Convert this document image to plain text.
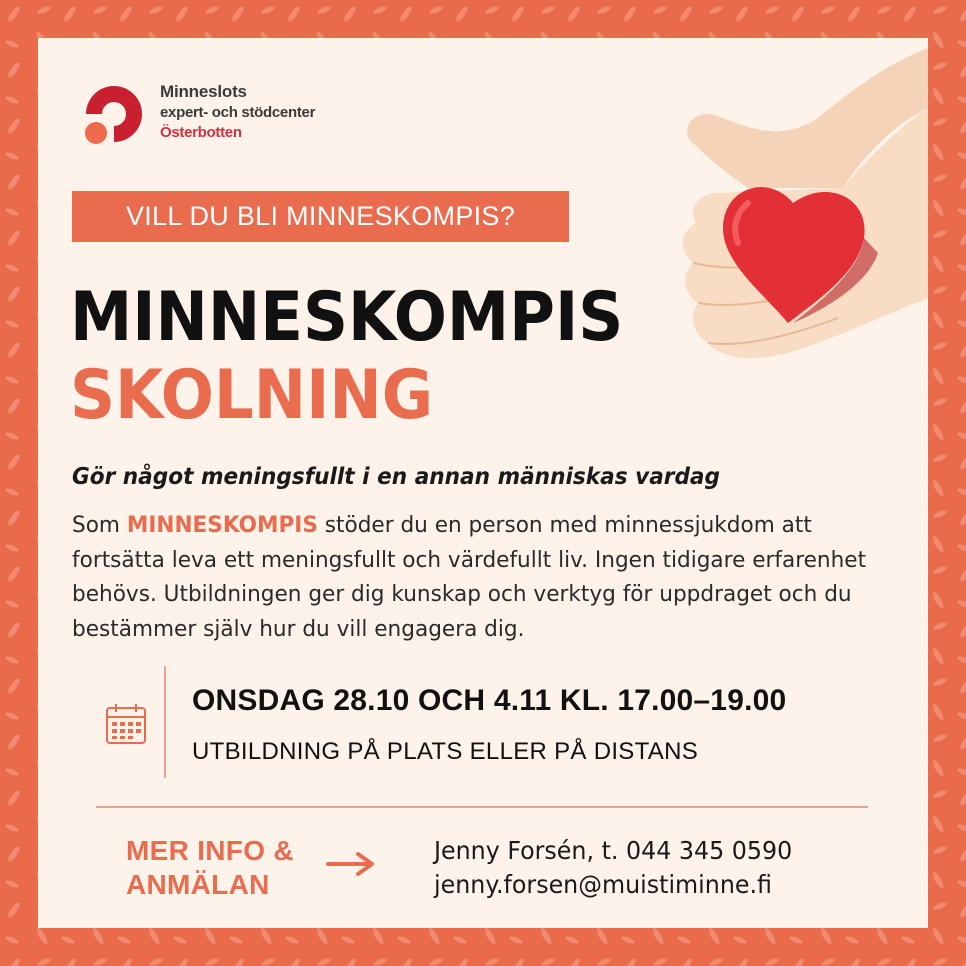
Minneslots
expert- och stödcenter
Österbotten
VILL DU BLI MINNESKOMPIS?
MINNESKOMPIS
SKOLNING
Gör något meningsfullt i en annan människas vardag
Som MINNESKOMPIS stöder du en person med minnessjukdom att fortsätta leva ett meningsfullt och värdefullt liv. Ingen tidigare erfarenhet behövs. Utbildningen ger dig kunskap och verktyg för uppdraget och du bestämmer själv hur du vill engagera dig.
ONSDAG 28.10 OCH 4.11 KL. 17.00–19.00
UTBILDNING PÅ PLATS ELLER PÅ DISTANS
MER INFO &
ANMÄLAN
Jenny Forsén, t. 044 345 0590
jenny.forsen@muistiminne.fi
